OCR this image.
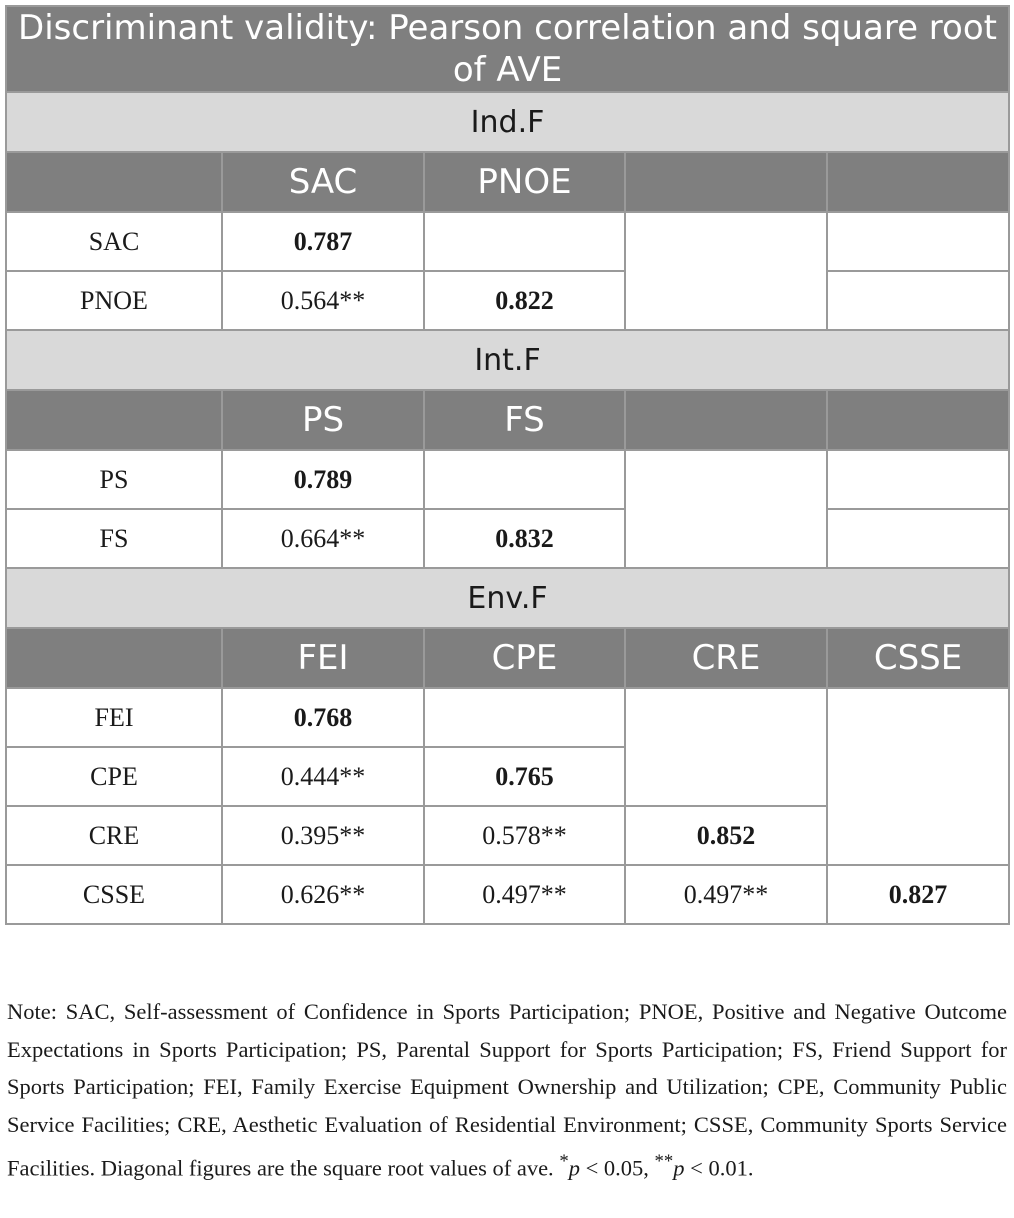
Discriminant validity: Pearson correlation and square root of AVE				
Ind.F				
	SAC	PNOE		
SAC	0.787			
PNOE	0.564**	0.822		
Int.F				
	PS	FS		
PS	0.789			
FS	0.664**	0.832		
Env.F				
	FEI	CPE	CRE	CSSE
FEI	0.768			
CPE	0.444**	0.765		
CRE	0.395**	0.578**	0.852	
CSSE	0.626**	0.497**	0.497**	0.827
Note: SAC, Self-assessment of Confidence in Sports Participation; PNOE, Positive and Negative Outcome Expectations in Sports Participation; PS, Parental Support for Sports Participation; FS, Friend Support for Sports Participation; FEI, Family Exercise Equipment Ownership and Utilization; CPE, Community Public Service Facilities; CRE, Aesthetic Evaluation of Residential Environment; CSSE, Community Sports Service Facilities. Diagonal figures are the square root values of ave. *p < 0.05, **p < 0.01.
